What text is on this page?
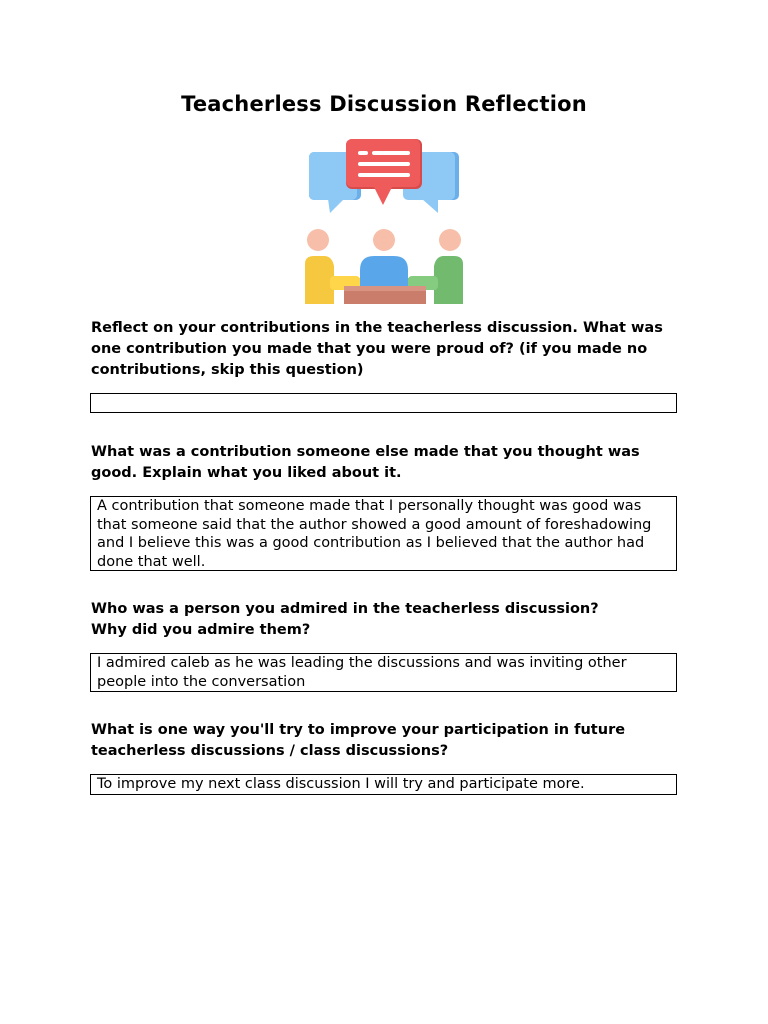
Teacherless Discussion Reflection
Reflect on your contributions in the teacherless discussion. What was one contribution you made that you were proud of? (if you made no contributions, skip this question)
What was a contribution someone else made that you thought was good. Explain what you liked about it.
A contribution that someone made that I personally thought was good was that someone said that the author showed a good amount of foreshadowing and I believe this was a good contribution as I believed that the author had done that well.
Who was a person you admired in the teacherless discussion? Why did you admire them?
I admired caleb as he was leading the discussions and was inviting other people into the conversation
What is one way you'll try to improve your participation in future teacherless discussions / class discussions?
To improve my next class discussion I will try and participate more.
